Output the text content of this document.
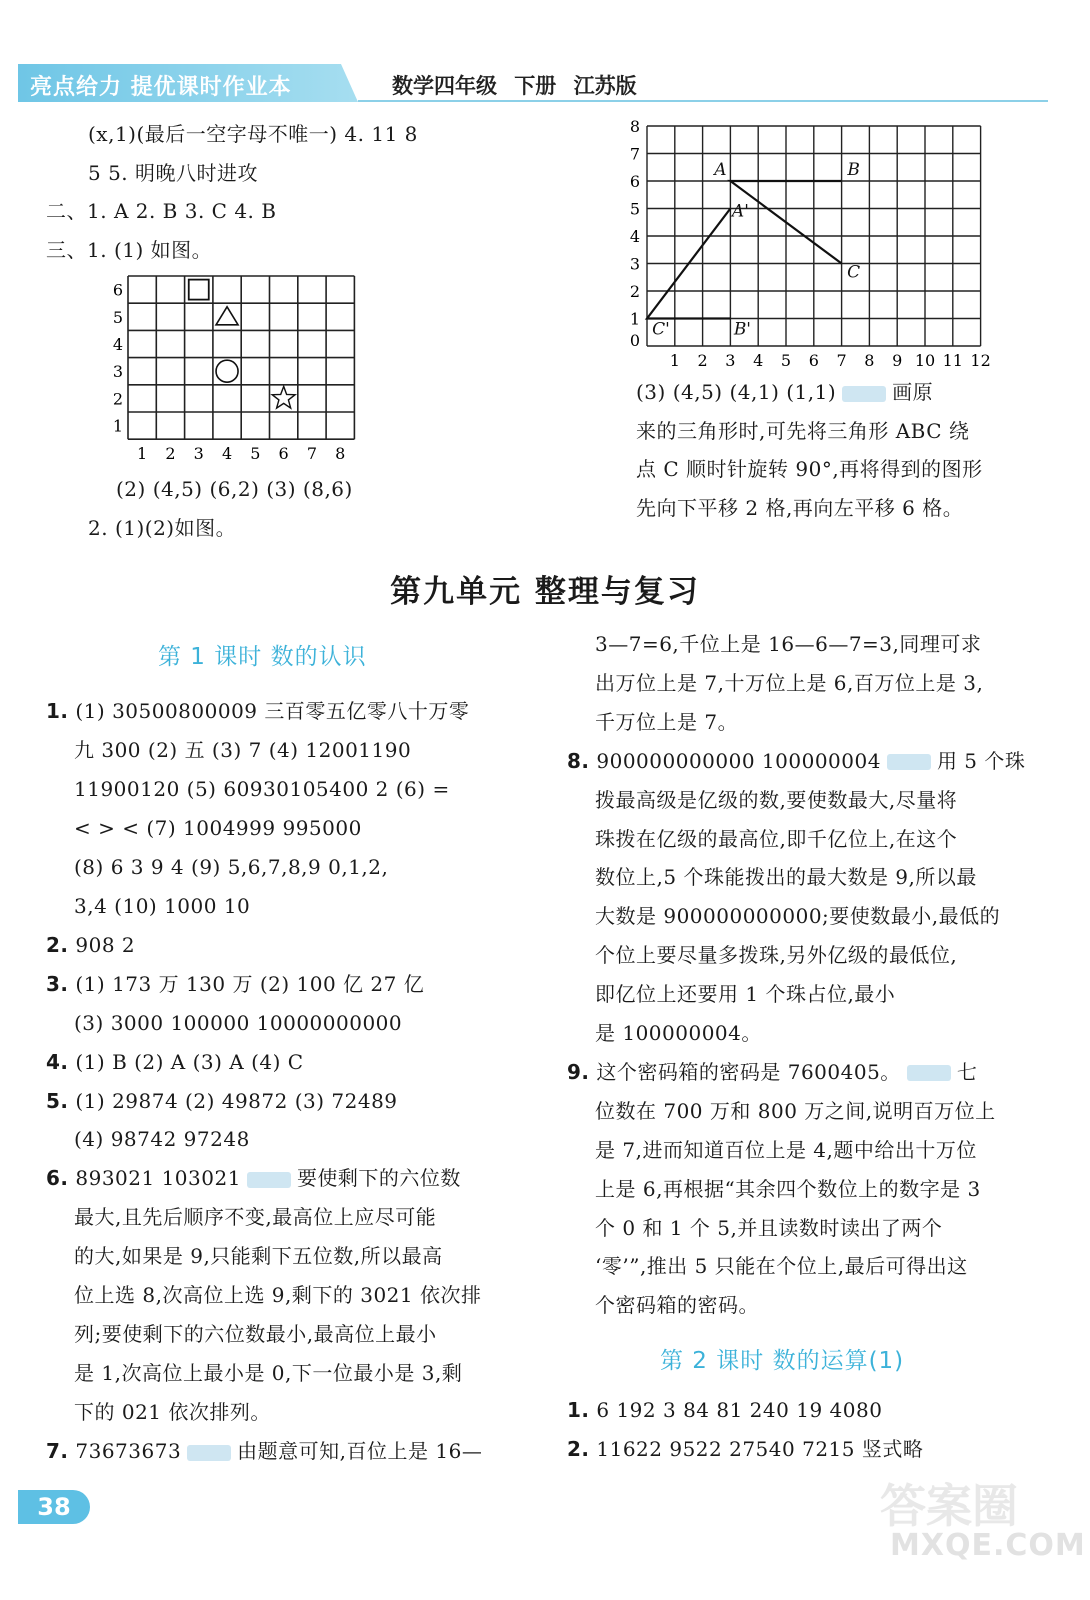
亮点给力 提优课时作业本	数学四年级 下册 江苏版
(x,1)(最后一空字母不唯一) 4. 11 8
5 5. 明晚八时进攻
二、1. A 2. B 3. C 4. B
三、1. (1) 如图。
1 2 3 4 5 6 7 8
1
2
3
4
5
6
(2) (4,5) (6,2) (3) (8,6)
2. (1)(2)如图。
0
1 2 3 4 5 6 7 8 9 10 11 12
1
2
3
4
5
6
7
8
A	B
C
A'
B'
C'
(3) (4,5) (4,1) (1,1)	画原
来的三角形时,可先将三角形 ABC 绕
点 C 顺时针旋转 90°,再将得到的图形
先向下平移 2 格,再向左平移 6 格。
第九单元 整理与复习
第 1 课时 数的认识
1. (1) 30500800009 三百零五亿零八十万零
九 300 (2) 五 (3) 7 (4) 12001190
11900120 (5) 60930105400 2 (6) =
< > < (7) 1004999 995000
(8) 6 3 9 4 (9) 5,6,7,8,9 0,1,2,
3,4 (10) 1000 10
2. 908 2
3. (1) 173 万 130 万 (2) 100 亿 27 亿
(3) 3000 100000 10000000000
4. (1) B (2) A (3) A (4) C
5. (1) 29874 (2) 49872 (3) 72489
(4) 98742 97248
6. 893021 103021	要使剩下的六位数
最大,且先后顺序不变,最高位上应尽可能
的大,如果是 9,只能剩下五位数,所以最高
位上选 8,次高位上选 9,剩下的 3021 依次排
列;要使剩下的六位数最小,最高位上最小
是 1,次高位上最小是 0,下一位最小是 3,剩
下的 021 依次排列。
7. 73673673	由题意可知,百位上是 16—
3—7=6,千位上是 16—6—7=3,同理可求
出万位上是 7,十万位上是 6,百万位上是 3,
千万位上是 7。
8. 900000000000 100000004	用 5 个珠
拨最高级是亿级的数,要使数最大,尽量将
珠拨在亿级的最高位,即千亿位上,在这个
数位上,5 个珠能拨出的最大数是 9,所以最
大数是 900000000000;要使数最小,最低的
个位上要尽量多拨珠,另外亿级的最低位,
即亿位上还要用 1 个珠占位,最小
是 100000004。
9. 这个密码箱的密码是 7600405。	七
位数在 700 万和 800 万之间,说明百万位上
是 7,进而知道百位上是 4,题中给出十万位
上是 6,再根据“其余四个数位上的数字是 3
个 0 和 1 个 5,并且读数时读出了两个
‘零’”,推出 5 只能在个位上,最后可得出这
个密码箱的密码。
第 2 课时 数的运算(1)
1. 6 192 3 84 81 240 19 4080
2. 11622 9522 27540 7215 竖式略
38	答案圈
MXQE.COM
